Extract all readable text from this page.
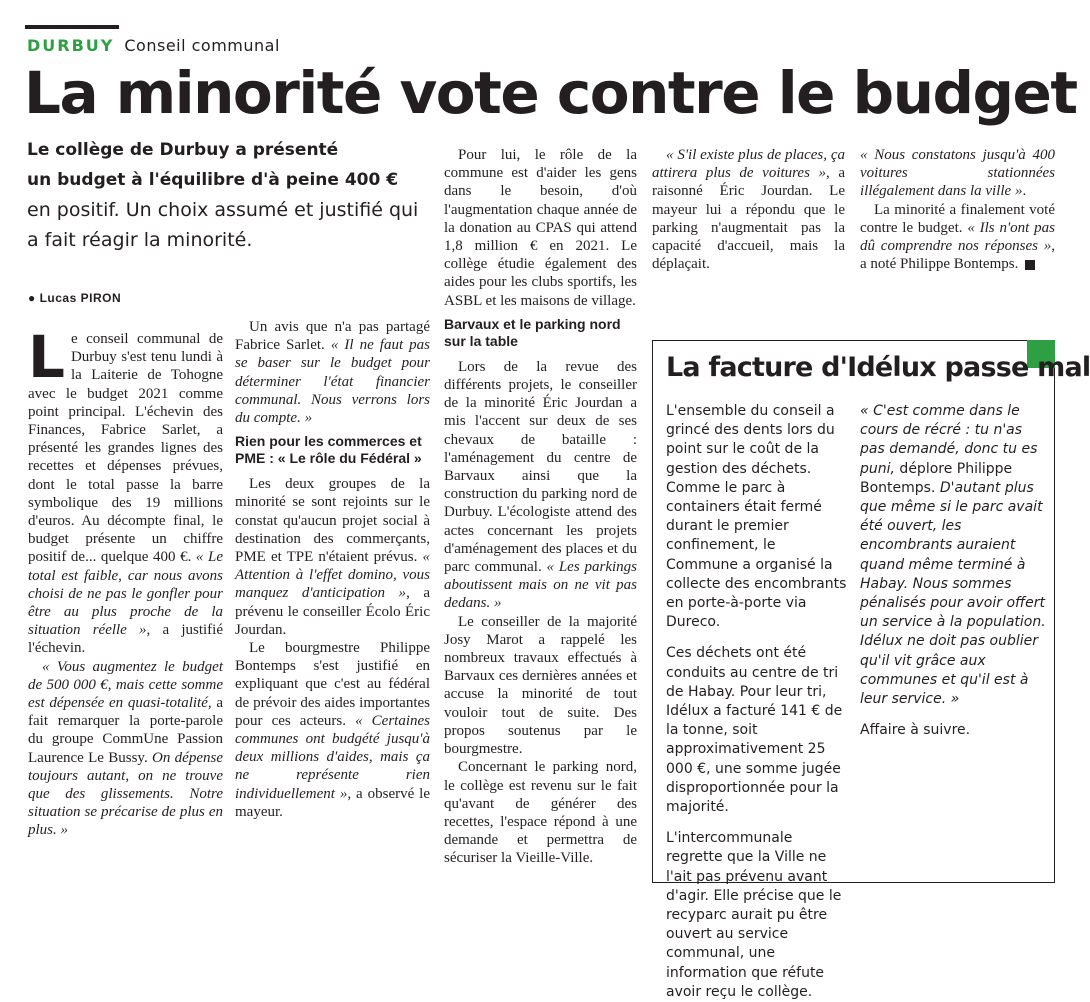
DURBUY Conseil communal
La minorité vote contre le budget
Le collège de Durbuy a présenté
un budget à l'équilibre d'à peine 400 €
en positif. Un choix assumé et justifié qui a fait réagir la minorité.
● Lucas PIRON

Le conseil communal de Durbuy s'est tenu lundi à la Laiterie de Tohogne avec le budget 2021 comme point principal. L'échevin des Finances, Fabrice Sarlet, a présenté les grandes lignes des recettes et dépenses prévues, dont le total passe la barre symbolique des 19 millions d'euros. Au décompte final, le budget présente un chiffre positif de... quelque 400 €. « Le total est faible, car nous avons choisi de ne pas le gonfler pour être au plus proche de la situation réelle », a justifié l'échevin.

« Vous augmentez le budget de 500 000 €, mais cette somme est dépensée en quasi-totalité, a fait remarquer la porte-parole du groupe CommUne Passion Laurence Le Bussy. On dépense toujours autant, on ne trouve que des glissements. Notre situation se précarise de plus en plus. »

Un avis que n'a pas partagé Fabrice Sarlet. « Il ne faut pas se baser sur le budget pour déterminer l'état financier communal. Nous verrons lors du compte. »

Rien pour les commerces et PME : « Le rôle du Fédéral »

Les deux groupes de la minorité se sont rejoints sur le constat qu'aucun projet social à destination des commerçants, PME et TPE n'étaient prévus. « Attention à l'effet domino, vous manquez d'anticipation », a prévenu le conseiller Écolo Éric Jourdan.

Le bourgmestre Philippe Bontemps s'est justifié en expliquant que c'est au fédéral de prévoir des aides importantes pour ces acteurs. « Certaines communes ont budgété jusqu'à deux millions d'aides, mais ça ne représente rien individuellement », a observé le mayeur.

Pour lui, le rôle de la commune est d'aider les gens dans le besoin, d'où l'augmentation chaque année de la donation au CPAS qui attend 1,8 million € en 2021. Le collège étudie également des aides pour les clubs sportifs, les ASBL et les maisons de village.

Barvaux et le parking nord sur la table

Lors de la revue des différents projets, le conseiller de la minorité Éric Jourdan a mis l'accent sur deux de ses chevaux de bataille : l'aménagement du centre de Barvaux ainsi que la construction du parking nord de Durbuy. L'écologiste attend des actes concernant les projets d'aménagement des places et du parc communal. « Les parkings aboutissent mais on ne vit pas dedans. »

Le conseiller de la majorité Josy Marot a rappelé les nombreux travaux effectués à Barvaux ces dernières années et accuse la minorité de tout vouloir tout de suite. Des propos soutenus par le bourgmestre.

Concernant le parking nord, le collège est revenu sur le fait qu'avant de générer des recettes, l'espace répond à une demande et permettra de sécuriser la Vieille-Ville.

« S'il existe plus de places, ça attirera plus de voitures », a raisonné Éric Jourdan. Le mayeur lui a répondu que le parking n'augmentait pas la capacité d'accueil, mais la déplaçait.

« Nous constatons jusqu'à 400 voitures stationnées illégalement dans la ville ».

La minorité a finalement voté contre le budget. « Ils n'ont pas dû comprendre nos réponses », a noté Philippe Bontemps.

La facture d'Idélux passe mal

L'ensemble du conseil a grincé des dents lors du point sur le coût de la gestion des déchets. Comme le parc à containers était fermé durant le premier confinement, le Commune a organisé la collecte des encombrants en porte-à-porte via Dureco.

Ces déchets ont été conduits au centre de tri de Habay. Pour leur tri, Idélux a facturé 141 € de la tonne, soit approximativement 25 000 €, une somme jugée disproportionnée pour la majorité.

L'intercommunale regrette que la Ville ne l'ait pas prévenu avant d'agir. Elle précise que le recyparc aurait pu être ouvert au service communal, une information que réfute avoir reçu le collège.

« C'est comme dans le cours de récré : tu n'as pas demandé, donc tu es puni, déplore Philippe Bontemps. D'autant plus que même si le parc avait été ouvert, les encombrants auraient quand même terminé à Habay. Nous sommes pénalisés pour avoir offert un service à la population. Idélux ne doit pas oublier qu'il vit grâce aux communes et qu'il est à leur service. »

Affaire à suivre.
